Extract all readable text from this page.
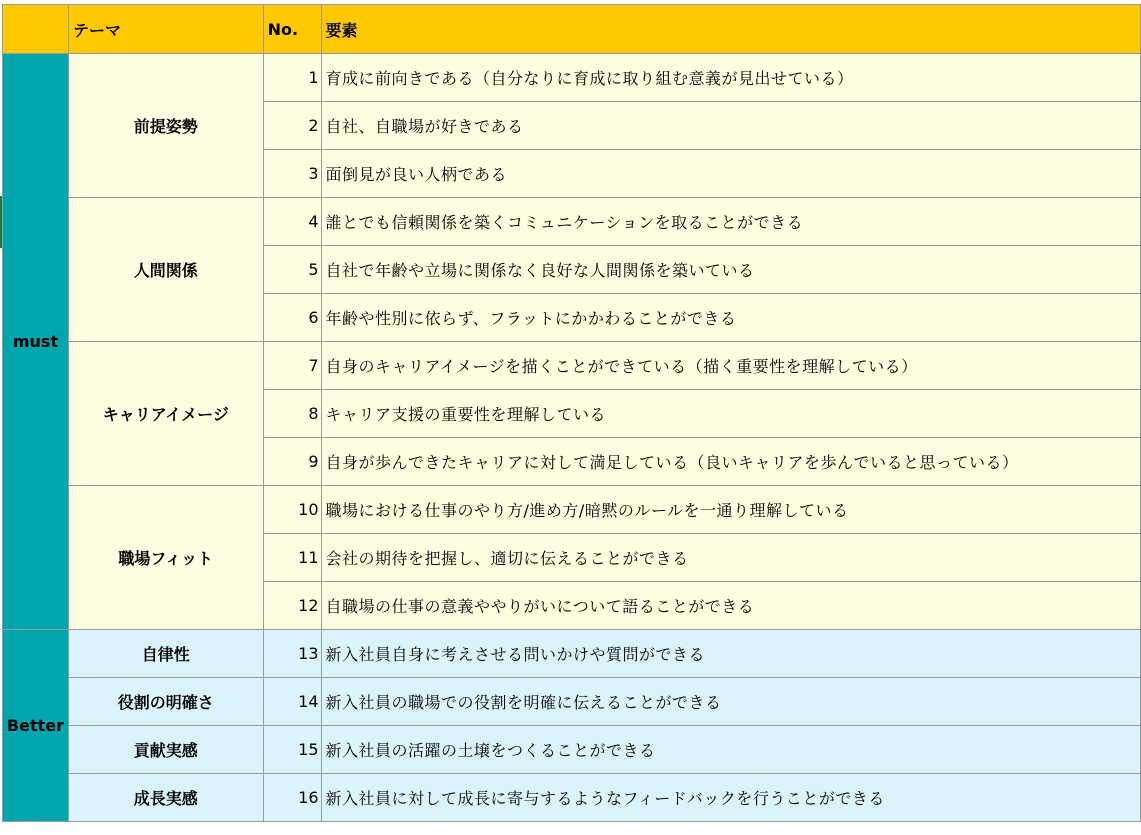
	テーマ	No.	要素
must	前提姿勢	1	育成に前向きである（自分なりに育成に取り組む意義が見出せている）
		2	自社、自職場が好きである
		3	面倒見が良い人柄である
	人間関係	4	誰とでも信頼関係を築くコミュニケーションを取ることができる
		5	自社で年齢や立場に関係なく良好な人間関係を築いている
		6	年齢や性別に依らず、フラットにかかわることができる
	キャリアイメージ	7	自身のキャリアイメージを描くことができている（描く重要性を理解している）
		8	キャリア支援の重要性を理解している
		9	自身が歩んできたキャリアに対して満足している（良いキャリアを歩んでいると思っている）
	職場フィット	10	職場における仕事のやり方/進め方/暗黙のルールを一通り理解している
		11	会社の期待を把握し、適切に伝えることができる
		12	自職場の仕事の意義ややりがいについて語ることができる
Better	自律性	13	新入社員自身に考えさせる問いかけや質問ができる
	役割の明確さ	14	新入社員の職場での役割を明確に伝えることができる
	貢献実感	15	新入社員の活躍の土壌をつくることができる
	成長実感	16	新入社員に対して成長に寄与するようなフィードバックを行うことができる
